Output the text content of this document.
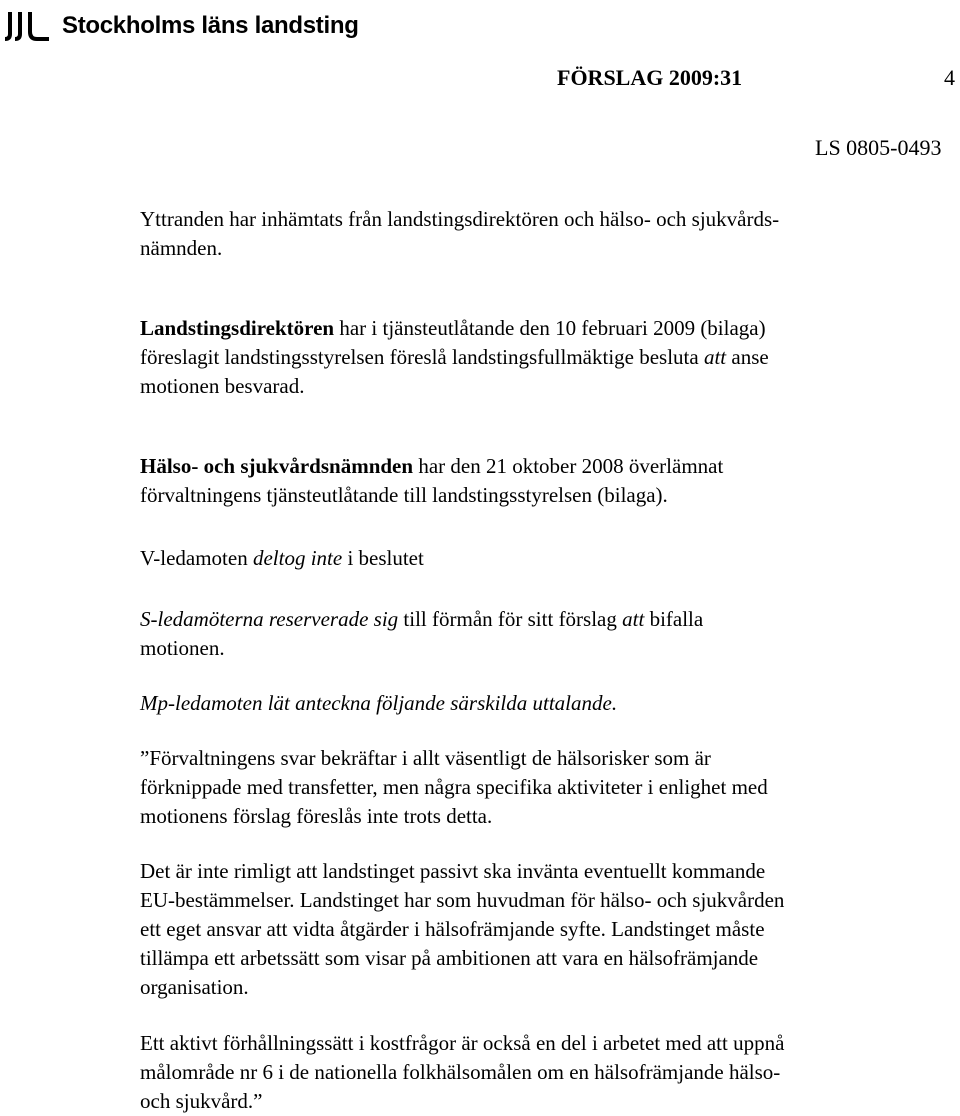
Stockholms läns landsting
FÖRSLAG 2009:31	4
LS 0805-0493

Yttranden har inhämtats från landstingsdirektören och hälso- och sjukvårds-
nämnden.

Landstingsdirektören har i tjänsteutlåtande den 10 februari 2009 (bilaga)
föreslagit landstingsstyrelsen föreslå landstingsfullmäktige besluta att anse
motionen besvarad.

Hälso- och sjukvårdsnämnden har den 21 oktober 2008 överlämnat
förvaltningens tjänsteutlåtande till landstingsstyrelsen (bilaga).

V-ledamoten deltog inte i beslutet

S-ledamöterna reserverade sig till förmån för sitt förslag att bifalla
motionen.

Mp-ledamoten lät anteckna följande särskilda uttalande.

”Förvaltningens svar bekräftar i allt väsentligt de hälsorisker som är
förknippade med transfetter, men några specifika aktiviteter i enlighet med
motionens förslag föreslås inte trots detta.

Det är inte rimligt att landstinget passivt ska invänta eventuellt kommande
EU-bestämmelser. Landstinget har som huvudman för hälso- och sjukvården
ett eget ansvar att vidta åtgärder i hälsofrämjande syfte. Landstinget måste
tillämpa ett arbetssätt som visar på ambitionen att vara en hälsofrämjande
organisation.

Ett aktivt förhållningssätt i kostfrågor är också en del i arbetet med att uppnå
målområde nr 6 i de nationella folkhälsomålen om en hälsofrämjande hälso-
och sjukvård.”
